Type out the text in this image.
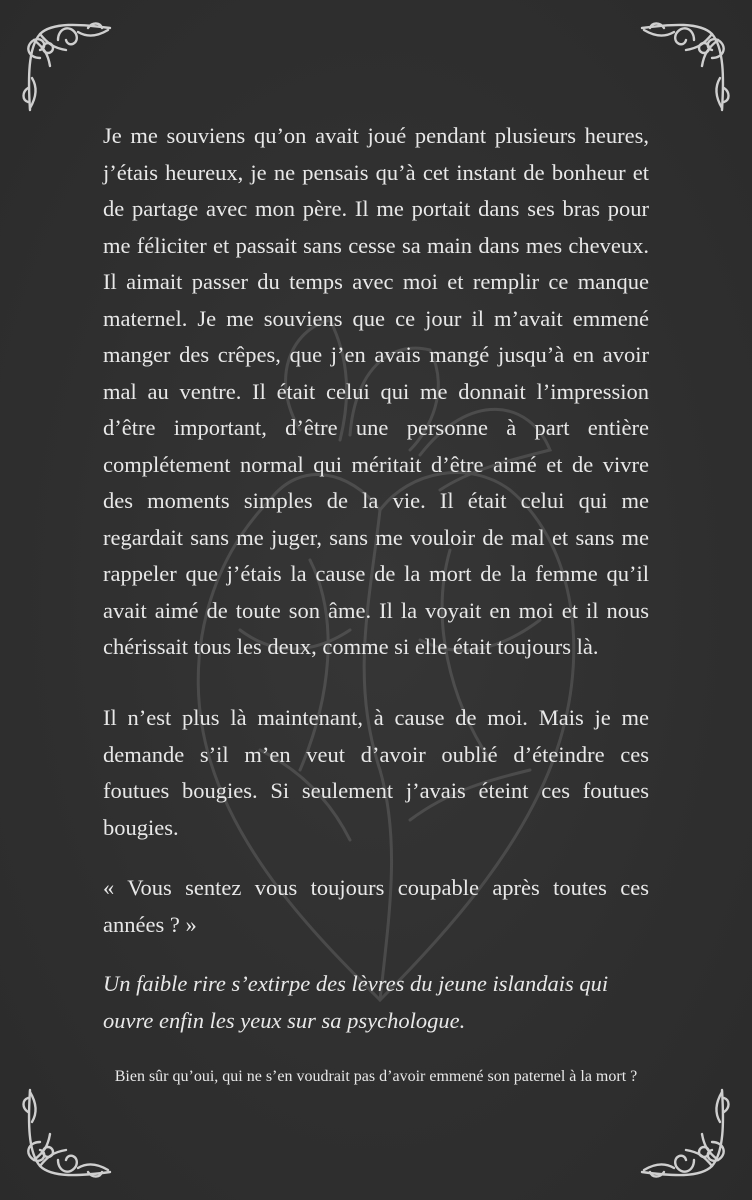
Je me souviens qu’on avait joué pendant plusieurs heures, j’étais heureux, je ne pensais qu’à cet instant de bonheur et de partage avec mon père. Il me portait dans ses bras pour me féliciter et passait sans cesse sa main dans mes cheveux. Il aimait passer du temps avec moi et remplir ce manque maternel. Je me souviens que ce jour il m’avait emmené manger des crêpes, que j’en avais mangé jusqu’à en avoir mal au ventre. Il était celui qui me donnait l’impression d’être important, d’être une personne à part entière complétement normal qui méritait d’être aimé et de vivre des moments simples de la vie. Il était celui qui me regardait sans me juger, sans me vouloir de mal et sans me rappeler que j’étais la cause de la mort de la femme qu’il avait aimé de toute son âme. Il la voyait en moi et il nous chérissait tous les deux, comme si elle était toujours là.

Il n’est plus là maintenant, à cause de moi. Mais je me demande s’il m’en veut d’avoir oublié d’éteindre ces foutues bougies. Si seulement j’avais éteint ces foutues bougies.

« Vous sentez vous toujours coupable après toutes ces années ? »

Un faible rire s’extirpe des lèvres du jeune islandais qui ouvre enfin les yeux sur sa psychologue.

Bien sûr qu’oui, qui ne s’en voudrait pas d’avoir emmené son paternel à la mort ?
